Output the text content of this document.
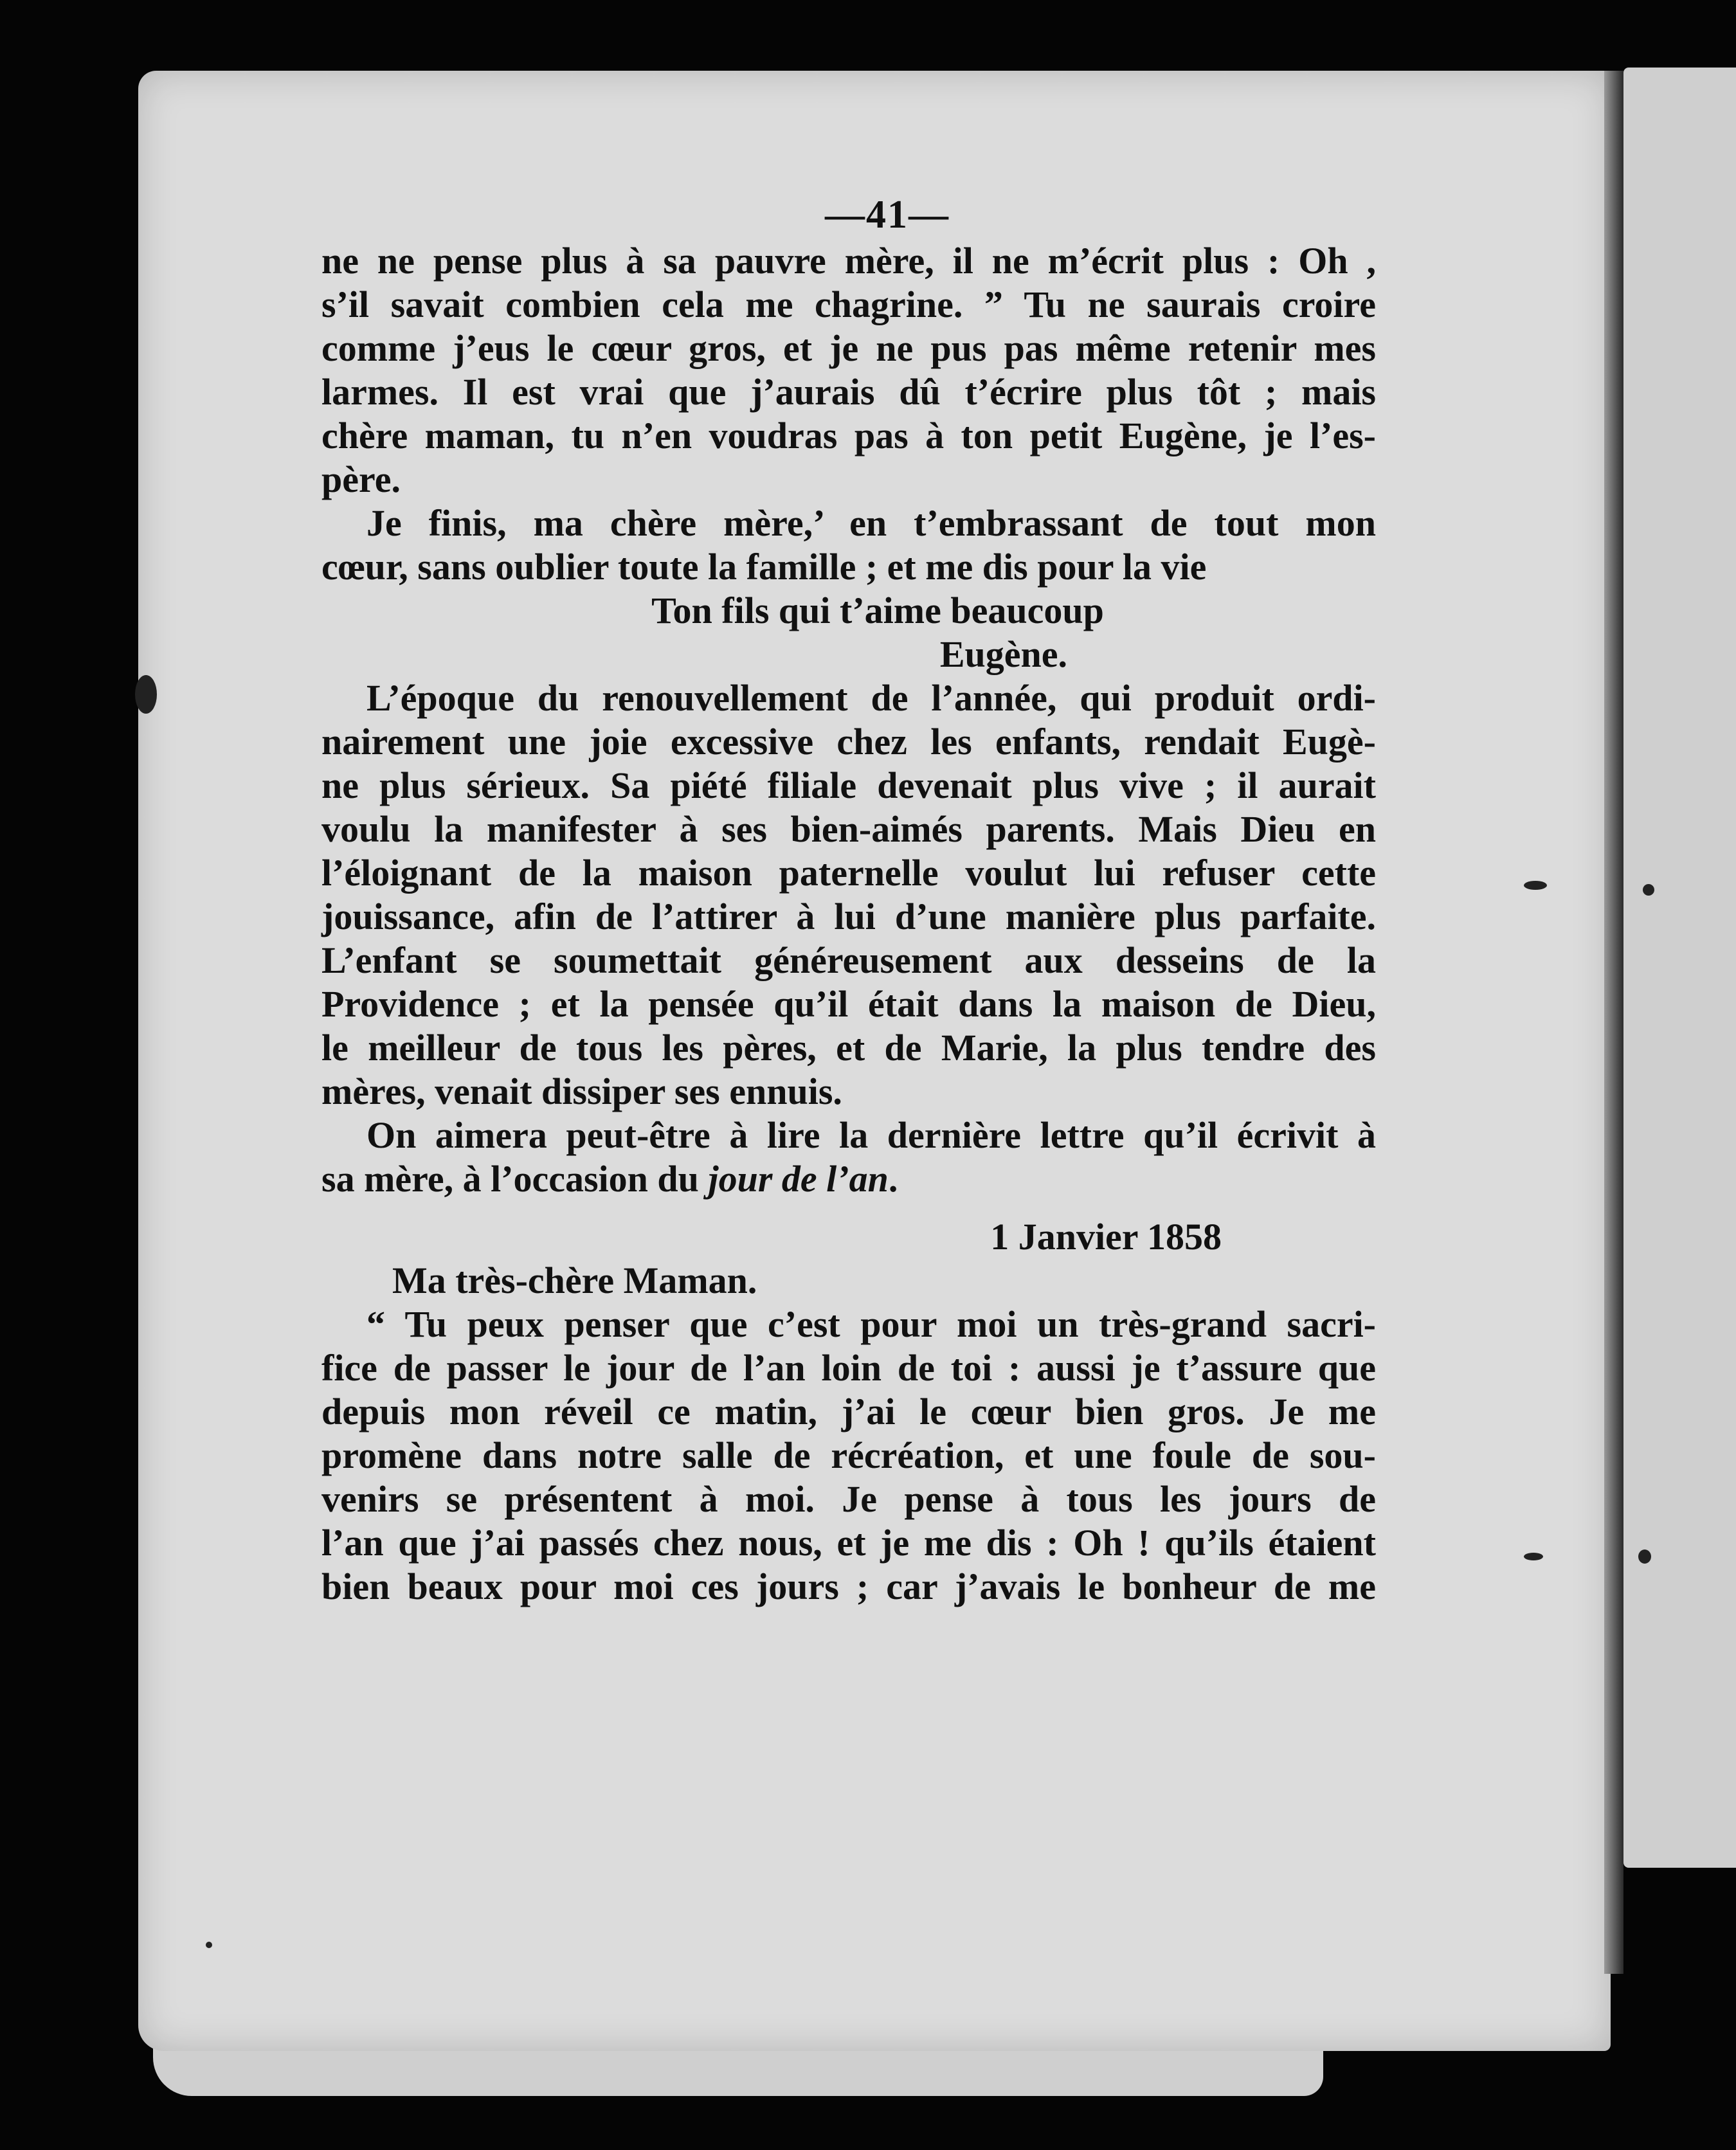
—41—
ne ne pense plus à sa pauvre mère, il ne m’écrit plus : Oh ,
s’il savait combien cela me chagrine. ” Tu ne saurais croire
comme j’eus le cœur gros, et je ne pus pas même retenir mes
larmes. Il est vrai que j’aurais dû t’écrire plus tôt ; mais
chère maman, tu n’en voudras pas à ton petit Eugène, je l’es-
père.
Je finis, ma chère mère,’ en t’embrassant de tout mon
cœur, sans oublier toute la famille ; et me dis pour la vie
Ton fils qui t’aime beaucoup
Eugène.
L’époque du renouvellement de l’année, qui produit ordi-
nairement une joie excessive chez les enfants, rendait Eugè-
ne plus sérieux. Sa piété filiale devenait plus vive ; il aurait
voulu la manifester à ses bien-aimés parents. Mais Dieu en
l’éloignant de la maison paternelle voulut lui refuser cette
jouissance, afin de l’attirer à lui d’une manière plus parfaite.
L’enfant se soumettait généreusement aux desseins de la
Providence ; et la pensée qu’il était dans la maison de Dieu,
le meilleur de tous les pères, et de Marie, la plus tendre des
mères, venait dissiper ses ennuis.
On aimera peut-être à lire la dernière lettre qu’il écrivit à
sa mère, à l’occasion du jour de l’an.
1 Janvier 1858
Ma très-chère Maman.
“ Tu peux penser que c’est pour moi un très-grand sacri-
fice de passer le jour de l’an loin de toi : aussi je t’assure que
depuis mon réveil ce matin, j’ai le cœur bien gros. Je me
promène dans notre salle de récréation, et une foule de sou-
venirs se présentent à moi. Je pense à tous les jours de
l’an que j’ai passés chez nous, et je me dis : Oh ! qu’ils étaient
bien beaux pour moi ces jours ; car j’avais le bonheur de me
